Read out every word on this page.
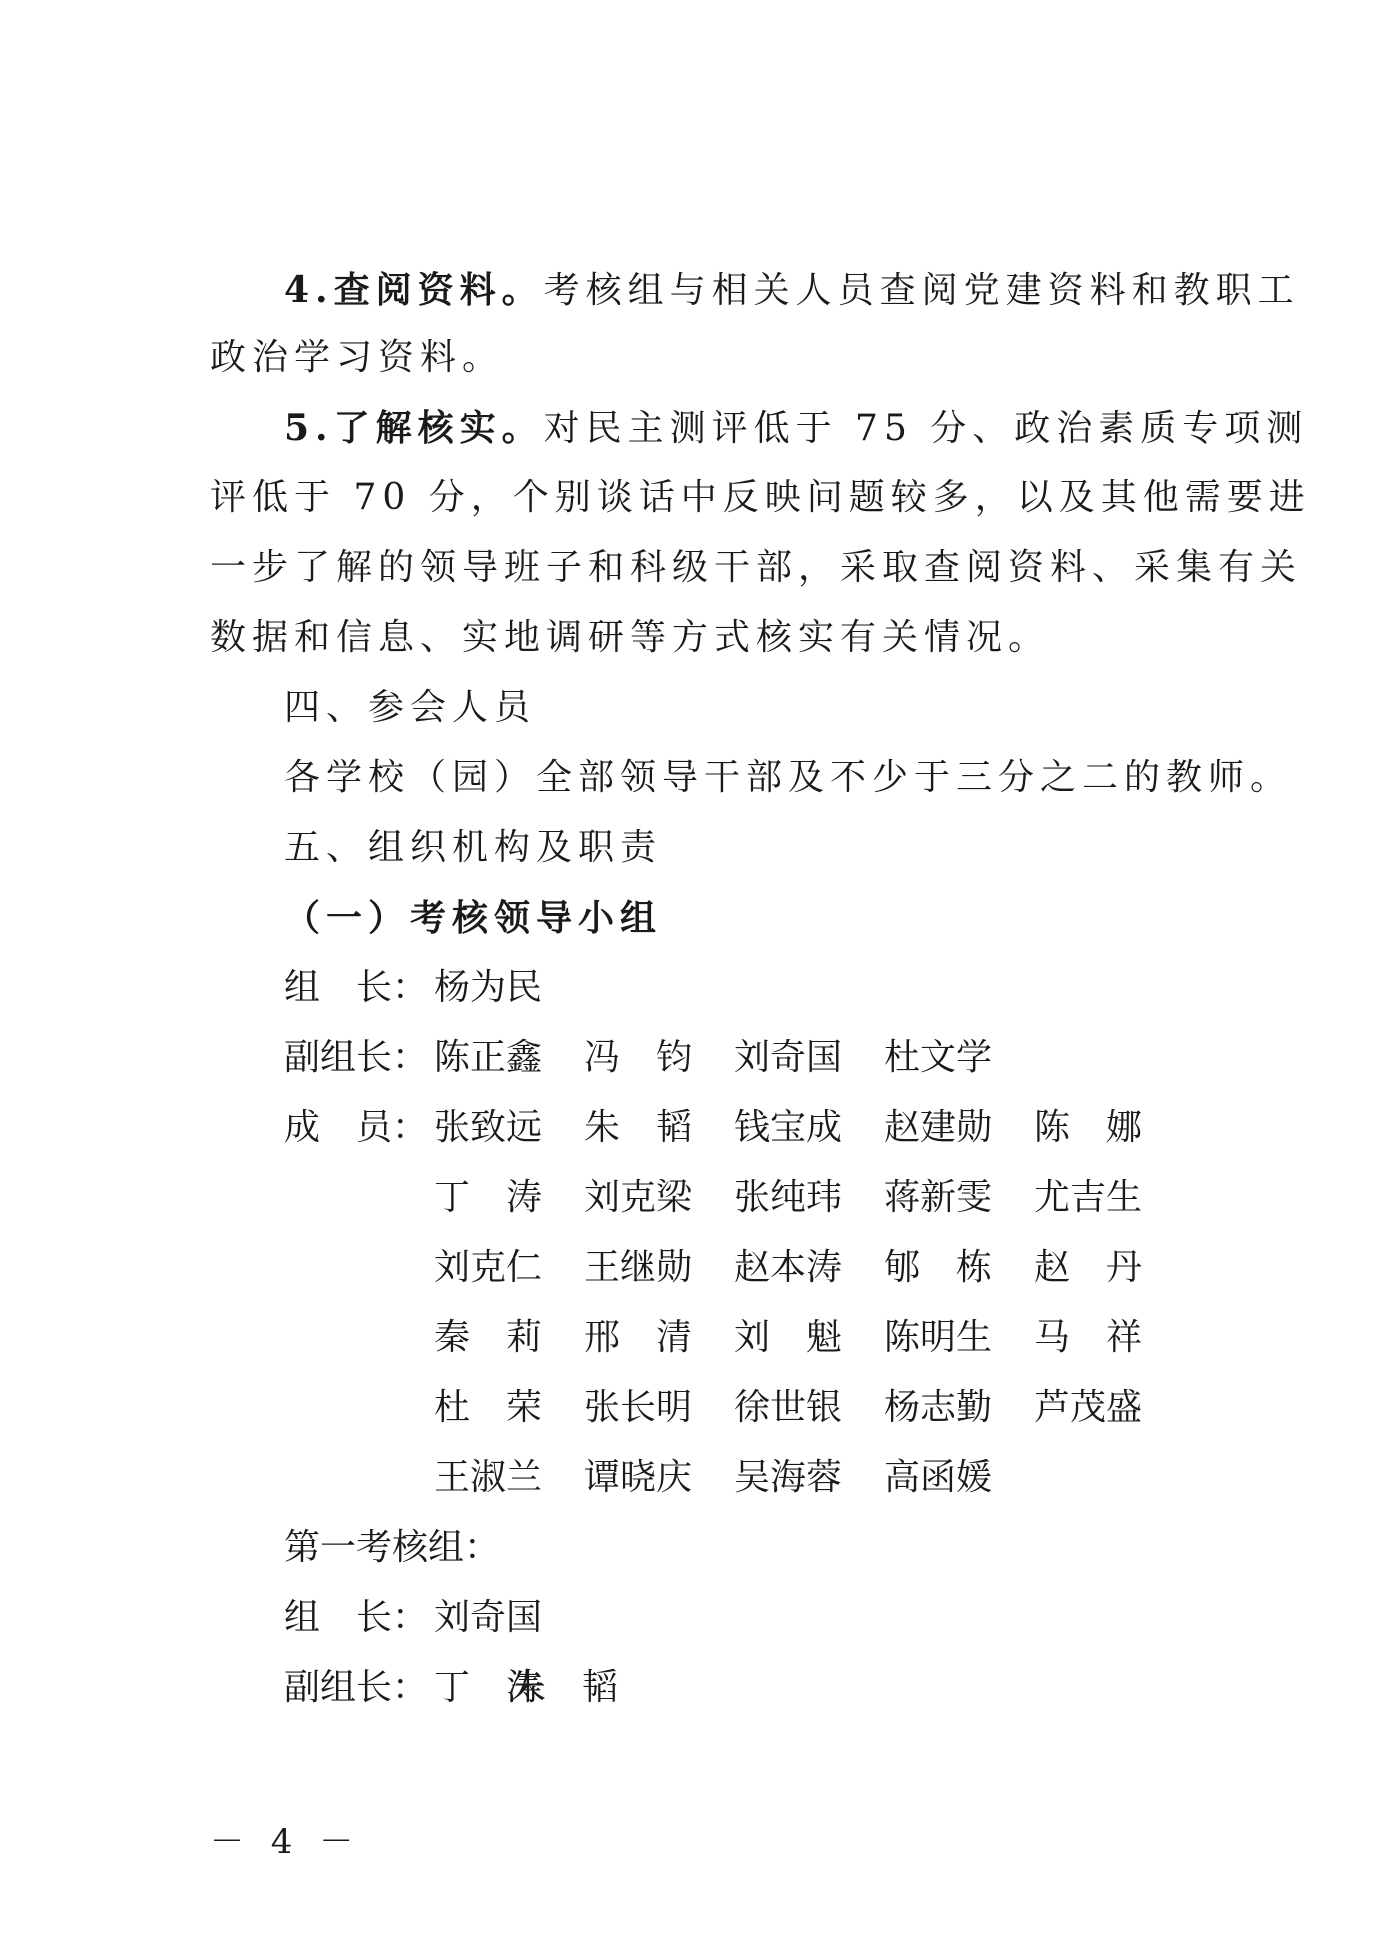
4.查阅资料。考核组与相关人员查阅党建资料和教职工
政治学习资料。
5.了解核实。对民主测评低于 75 分、政治素质专项测
评低于 70 分，个别谈话中反映问题较多，以及其他需要进
一步了解的领导班子和科级干部，采取查阅资料、采集有关
数据和信息、实地调研等方式核实有关情况。
四、参会人员
各学校（园）全部领导干部及不少于三分之二的教师。
五、组织机构及职责
（一）考核领导小组
组　长： 杨为民
副组长： 陈正鑫 冯　钧 刘奇国 杜文学
成　员： 张致远 朱　韬 钱宝成 赵建勋 陈　娜
丁　涛 刘克梁 张纯玮 蒋新雯 尤吉生
刘克仁 王继勋 赵本涛 郇　栋 赵　丹
秦　莉 邢　清 刘　魁 陈明生 马　祥
杜　荣 张长明 徐世银 杨志勤 芦茂盛
王淑兰 谭晓庆 吴海蓉 高函媛
第一考核组：
组　长： 刘奇国
副组长： 丁　涛
朱　韬
－ 4 －
